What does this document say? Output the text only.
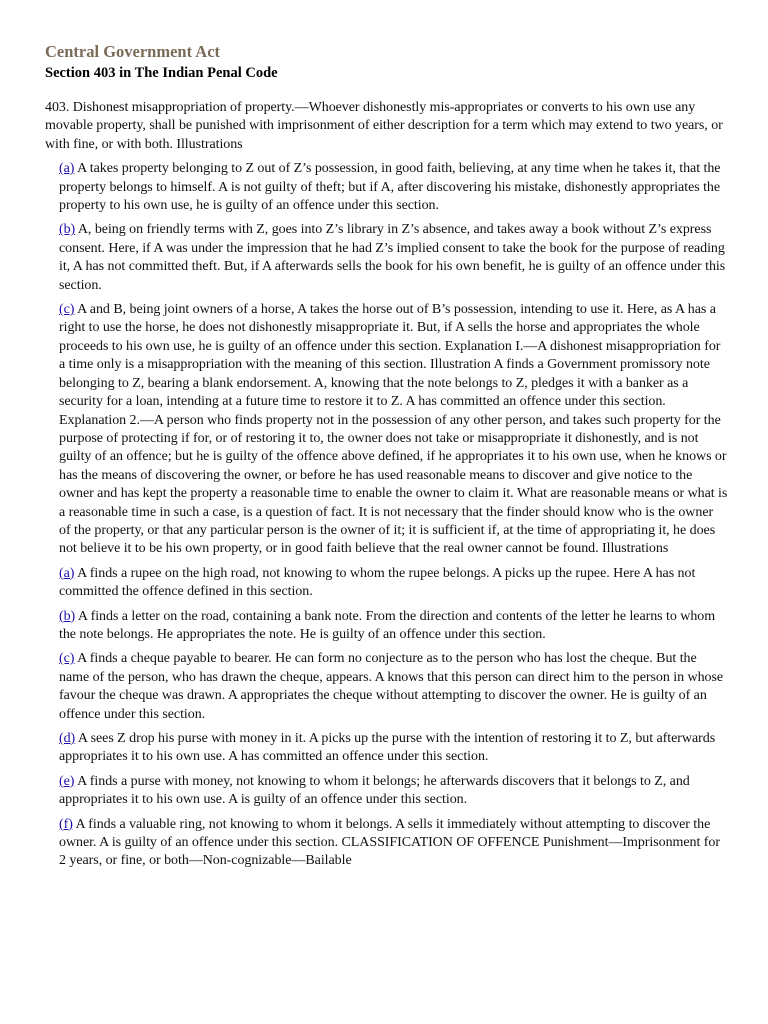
Central Government Act
Section 403 in The Indian Penal Code

403. Dishonest misappropriation of property.—Whoever dishonestly mis-appropriates or converts to his own use any movable property, shall be punished with imprisonment of either description for a term which may extend to two years, or with fine, or with both. Illustrations

(a) A takes property belonging to Z out of Z’s possession, in good faith, believing, at any time when he takes it, that the property belongs to himself. A is not guilty of theft; but if A, after discovering his mistake, dishonestly appropriates the property to his own use, he is guilty of an offence under this section.

(b) A, being on friendly terms with Z, goes into Z’s library in Z’s absence, and takes away a book without Z’s express consent. Here, if A was under the impression that he had Z’s implied consent to take the book for the purpose of reading it, A has not committed theft. But, if A afterwards sells the book for his own benefit, he is guilty of an offence under this section.

(c) A and B, being joint owners of a horse, A takes the horse out of B’s possession, intending to use it. Here, as A has a right to use the horse, he does not dishonestly misappropriate it. But, if A sells the horse and appropriates the whole proceeds to his own use, he is guilty of an offence under this section. Explanation I.—A dishonest misappropriation for a time only is a misappropriation with the meaning of this section. Illustration A finds a Government promissory note belonging to Z, bearing a blank endorsement. A, knowing that the note belongs to Z, pledges it with a banker as a security for a loan, intending at a future time to restore it to Z. A has committed an offence under this section. Explanation 2.—A person who finds property not in the possession of any other person, and takes such property for the purpose of protecting if for, or of restoring it to, the owner does not take or misappropriate it dishonestly, and is not guilty of an offence; but he is guilty of the offence above defined, if he appropriates it to his own use, when he knows or has the means of discovering the owner, or before he has used reasonable means to discover and give notice to the owner and has kept the property a reasonable time to enable the owner to claim it. What are reasonable means or what is a reasonable time in such a case, is a question of fact. It is not necessary that the finder should know who is the owner of the property, or that any particular person is the owner of it; it is sufficient if, at the time of appropriating it, he does not believe it to be his own property, or in good faith believe that the real owner cannot be found. Illustrations

(a) A finds a rupee on the high road, not knowing to whom the rupee belongs. A picks up the rupee. Here A has not committed the offence defined in this section.

(b) A finds a letter on the road, containing a bank note. From the direction and contents of the letter he learns to whom the note belongs. He appropriates the note. He is guilty of an offence under this section.

(c) A finds a cheque payable to bearer. He can form no conjecture as to the person who has lost the cheque. But the name of the person, who has drawn the cheque, appears. A knows that this person can direct him to the person in whose favour the cheque was drawn. A appropriates the cheque without attempting to discover the owner. He is guilty of an offence under this section.

(d) A sees Z drop his purse with money in it. A picks up the purse with the intention of restoring it to Z, but afterwards appropriates it to his own use. A has committed an offence under this section.

(e) A finds a purse with money, not knowing to whom it belongs; he afterwards discovers that it belongs to Z, and appropriates it to his own use. A is guilty of an offence under this section.

(f) A finds a valuable ring, not knowing to whom it belongs. A sells it immediately without attempting to discover the owner. A is guilty of an offence under this section. CLASSIFICATION OF OFFENCE Punishment—Imprisonment for 2 years, or fine, or both—Non-cognizable—Bailable
